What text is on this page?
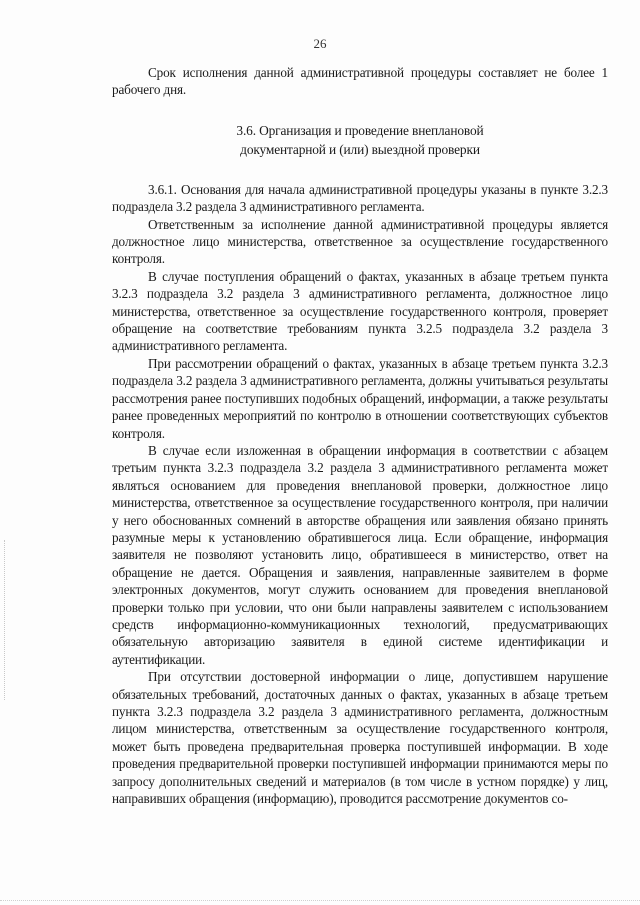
26

Срок исполнения данной административной процедуры составляет не более 1 рабочего дня.

3.6. Организация и проведение внеплановой
документарной и (или) выездной проверки

3.6.1. Основания для начала административной процедуры указаны в пункте 3.2.3 подраздела 3.2 раздела 3 административного регламента.

Ответственным за исполнение данной административной процедуры является должностное лицо министерства, ответственное за осуществление государственного контроля.

В случае поступления обращений о фактах, указанных в абзаце третьем пункта 3.2.3 подраздела 3.2 раздела 3 административного регламента, должностное лицо министерства, ответственное за осуществление государственного контроля, проверяет обращение на соответствие требованиям пункта 3.2.5 подраздела 3.2 раздела 3 административного регламента.

При рассмотрении обращений о фактах, указанных в абзаце третьем пункта 3.2.3 подраздела 3.2 раздела 3 административного регламента, должны учитываться результаты рассмотрения ранее поступивших подобных обращений, информации, а также результаты ранее проведенных мероприятий по контролю в отношении соответствующих субъектов контроля.

В случае если изложенная в обращении информация в соответствии с абзацем третьим пункта 3.2.3 подраздела 3.2 раздела 3 административного регламента может являться основанием для проведения внеплановой проверки, должностное лицо министерства, ответственное за осуществление государственного контроля, при наличии у него обоснованных сомнений в авторстве обращения или заявления обязано принять разумные меры к установлению обратившегося лица. Если обращение, информация заявителя не позволяют установить лицо, обратившееся в министерство, ответ на обращение не дается. Обращения и заявления, направленные заявителем в форме электронных документов, могут служить основанием для проведения внеплановой проверки только при условии, что они были направлены заявителем с использованием средств информационно-коммуникационных технологий, предусматривающих обязательную авторизацию заявителя в единой системе идентификации и аутентификации.

При отсутствии достоверной информации о лице, допустившем нарушение обязательных требований, достаточных данных о фактах, указанных в абзаце третьем пункта 3.2.3 подраздела 3.2 раздела 3 административного регламента, должностным лицом министерства, ответственным за осуществление государственного контроля, может быть проведена предварительная проверка поступившей информации. В ходе проведения предварительной проверки поступившей информации принимаются меры по запросу дополнительных сведений и материалов (в том числе в устном порядке) у лиц, направивших обращения (информацию), проводится рассмотрение документов со-
